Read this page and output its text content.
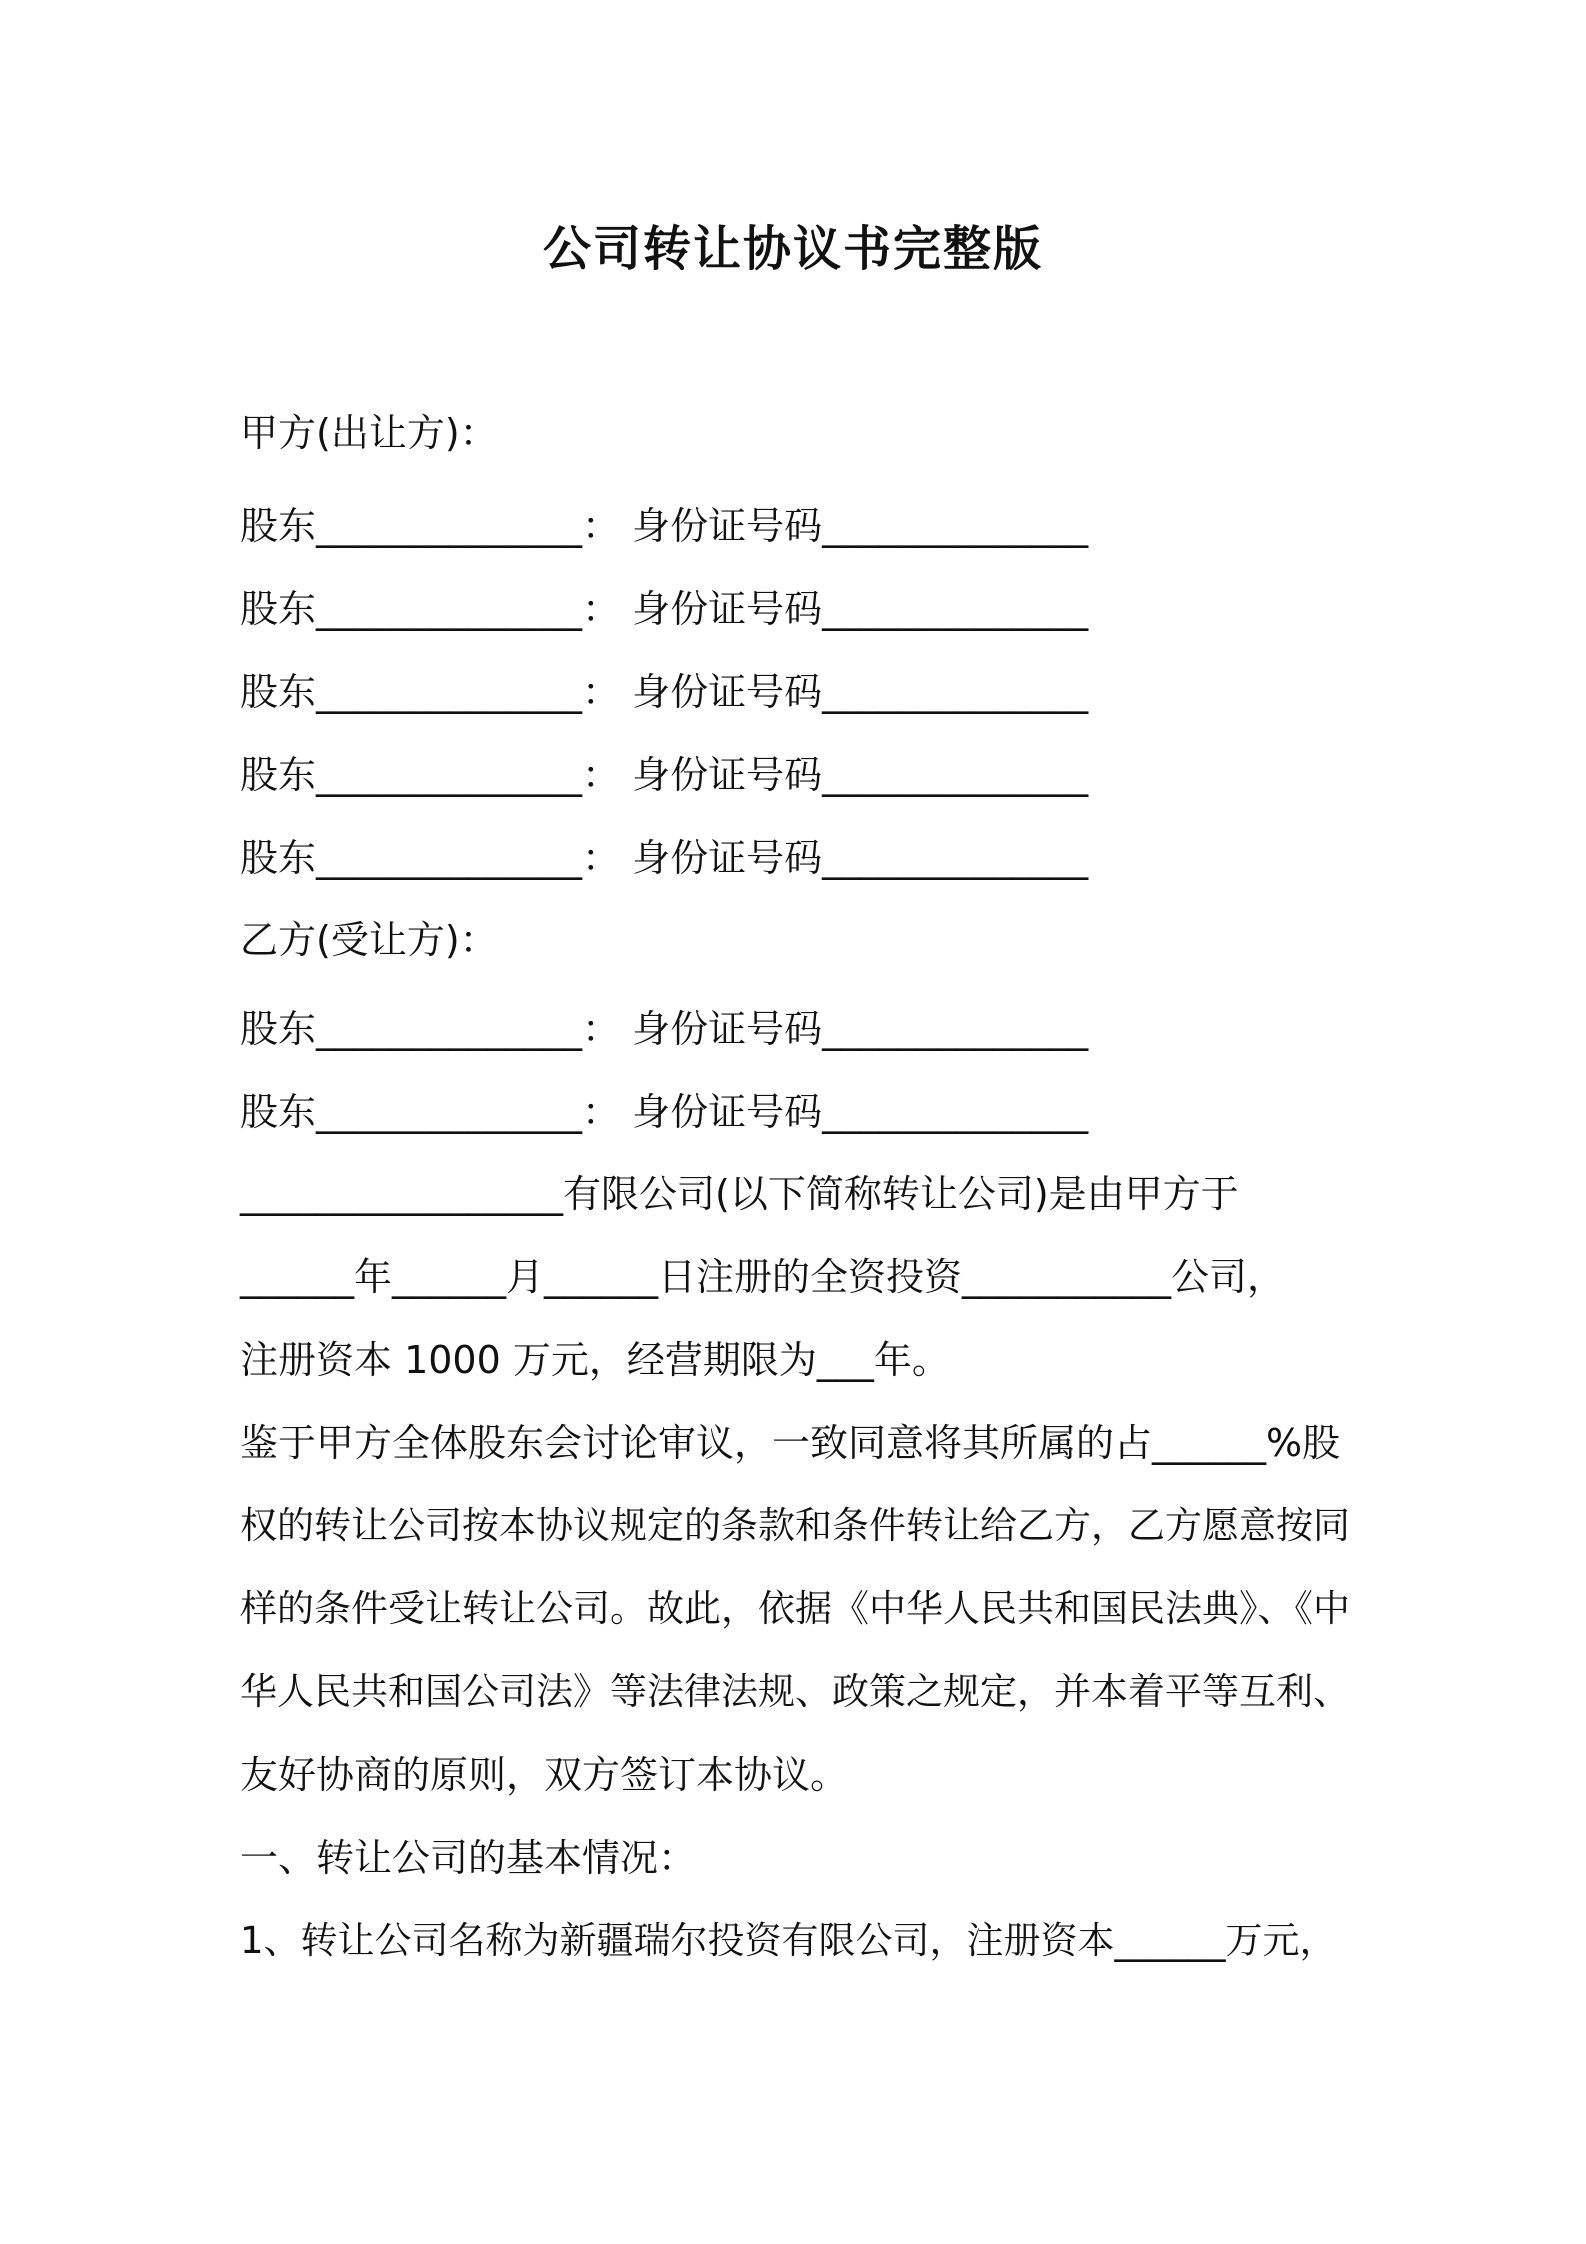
公司转让协议书完整版
甲方(出让方)：
股东______________： 身份证号码______________
股东______________： 身份证号码______________
股东______________： 身份证号码______________
股东______________： 身份证号码______________
股东______________： 身份证号码______________
乙方(受让方)：
股东______________： 身份证号码______________
股东______________： 身份证号码______________
_________________有限公司(以下简称转让公司)是由甲方于
______年______月______日注册的全资投资___________公司，
注册资本 1000 万元，经营期限为___年。
鉴于甲方全体股东会讨论审议，一致同意将其所属的占______%股
权的转让公司按本协议规定的条款和条件转让给乙方，乙方愿意按同
样的条件受让转让公司。故此，依据《中华人民共和国民法典》、《中
华人民共和国公司法》等法律法规、政策之规定，并本着平等互利、
友好协商的原则，双方签订本协议。
一、转让公司的基本情况：
1、转让公司名称为新疆瑞尔投资有限公司，注册资本______万元，
